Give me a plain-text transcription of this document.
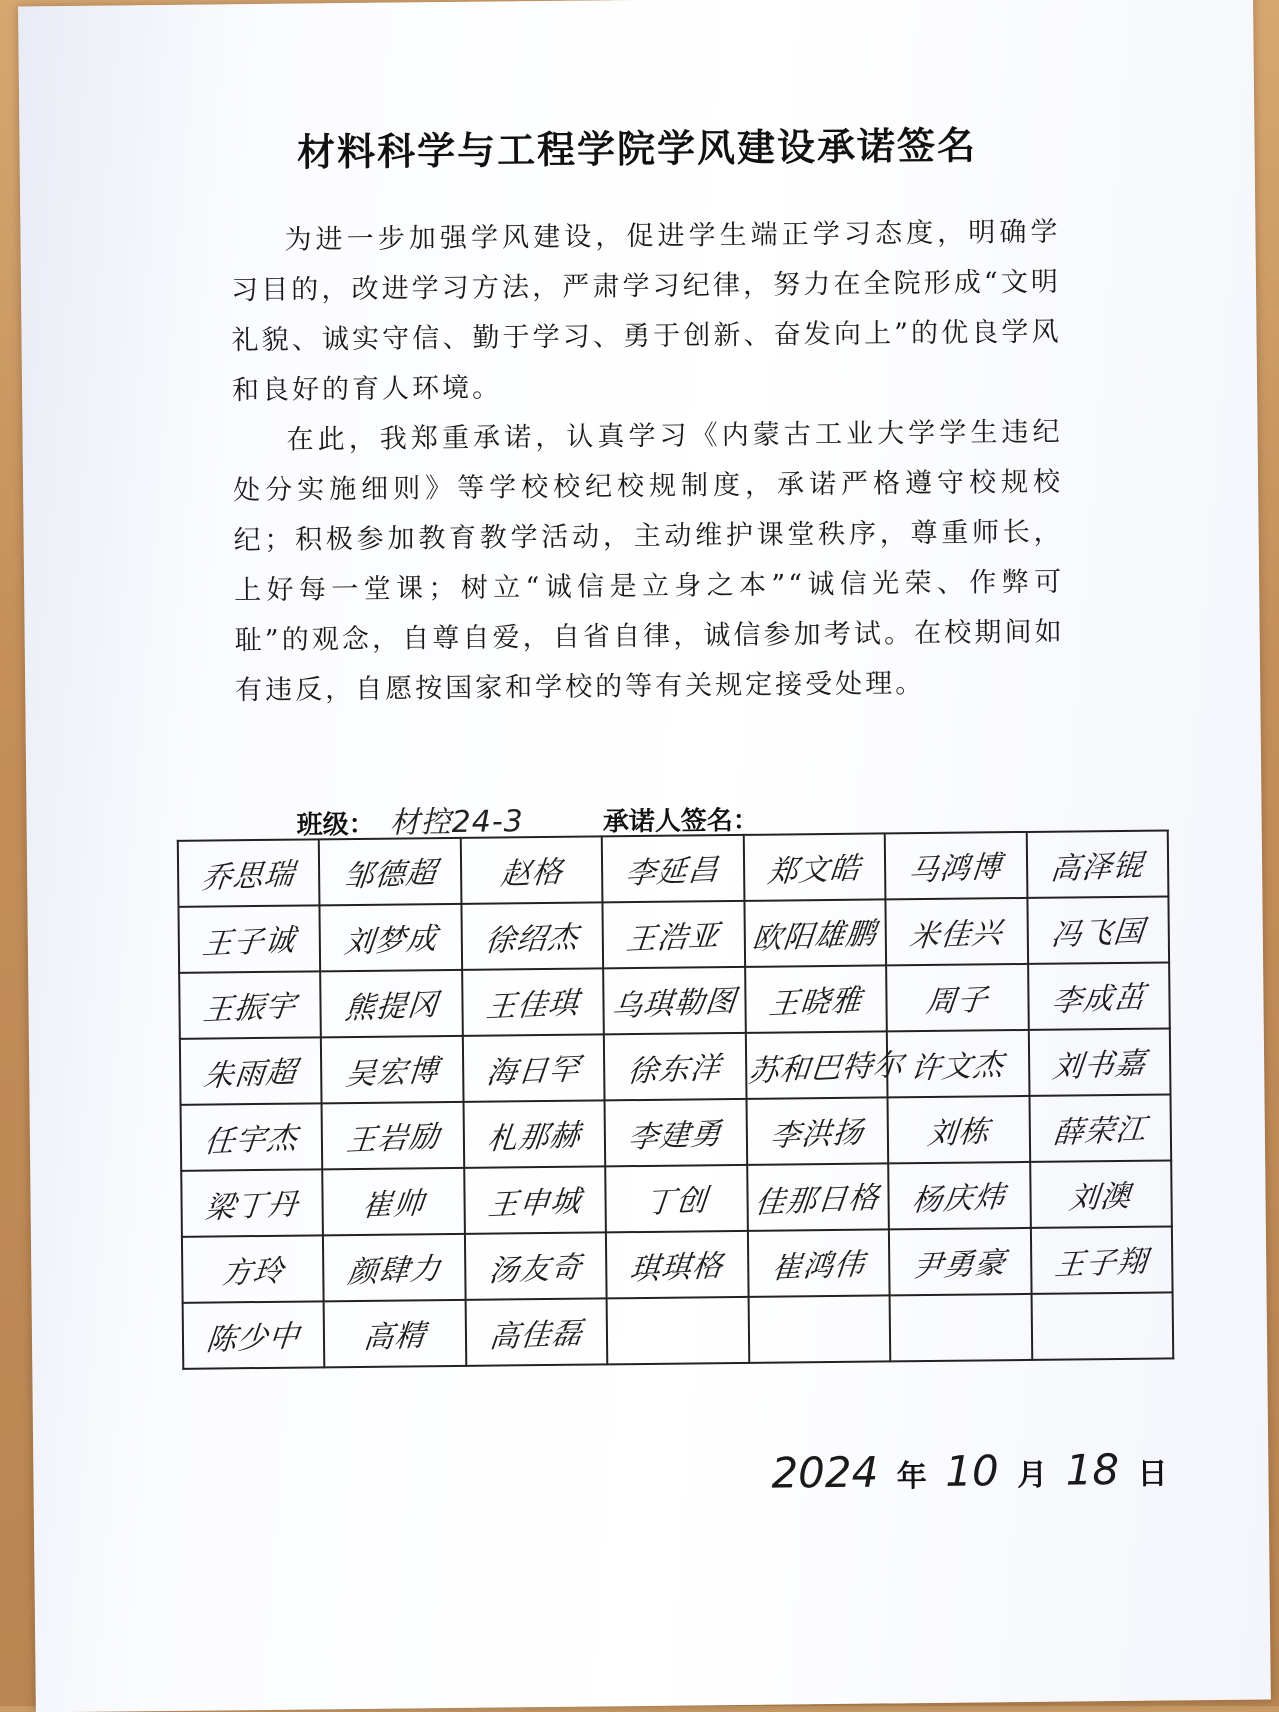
材料科学与工程学院学风建设承诺签名

为进一步加强学风建设，促进学生端正学习态度，明确学习目的，改进学习方法，严肃学习纪律，努力在全院形成“文明礼貌、诚实守信、勤于学习、勇于创新、奋发向上”的优良学风和良好的育人环境。

在此，我郑重承诺，认真学习《内蒙古工业大学学生违纪处分实施细则》等学校校纪校规制度，承诺严格遵守校规校纪；积极参加教育教学活动，主动维护课堂秩序，尊重师长，上好每一堂课；树立“诚信是立身之本”“诚信光荣、作弊可耻”的观念，自尊自爱，自省自律，诚信参加考试。在校期间如有违反，自愿按国家和学校的等有关规定接受处理。

班级： 材控24-3	承诺人签名：
乔思瑞	邹德超	赵格	李延昌	郑文皓	马鸿博	高泽锟
王子诚	刘梦成	徐绍杰	王浩亚	欧阳雄鹏	米佳兴	冯飞国
王振宇	熊提冈	王佳琪	乌琪勒图	王晓雅	周子	李成茁
朱雨超	吴宏博	海日罕	徐东洋	苏和巴特尔	许文杰	刘书嘉
任宇杰	王岩励	札那赫	李建勇	李洪扬	刘栋	薛荣江
梁丁丹	崔帅	王申城	丁创	佳那日格	杨庆炜	刘澳
方玲	颜肆力	汤友奇	琪琪格	崔鸿伟	尹勇豪	王子翔
陈少中	高精	高佳磊				
2024 年 10 月 18 日
